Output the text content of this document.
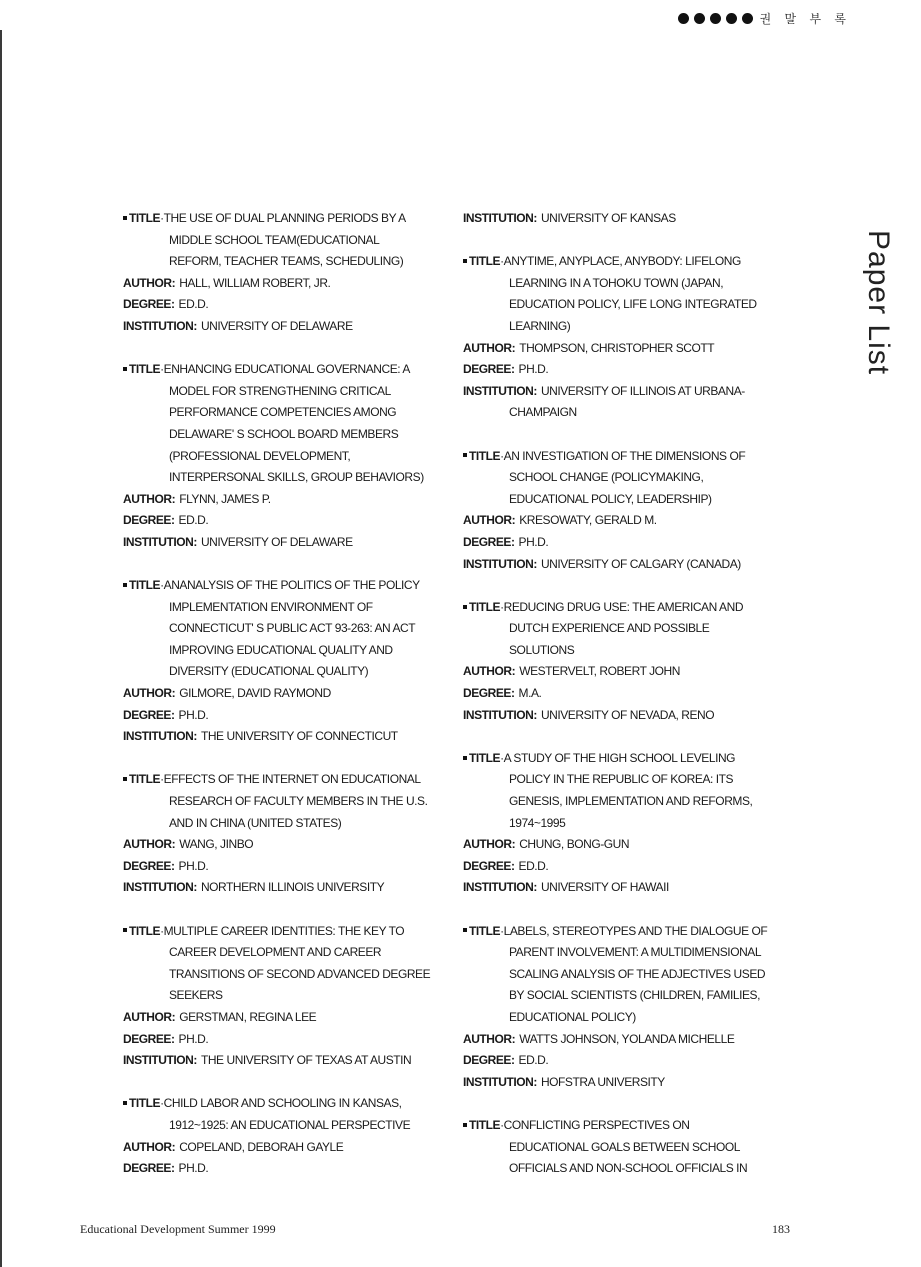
권 말 부 록
Paper List
TITLE·THE USE OF DUAL PLANNING PERIODS BY A
MIDDLE SCHOOL TEAM(EDUCATIONAL
REFORM, TEACHER TEAMS, SCHEDULING)
AUTHOR: HALL, WILLIAM ROBERT, JR.
DEGREE: ED.D.
INSTITUTION: UNIVERSITY OF DELAWARE
TITLE·ENHANCING EDUCATIONAL GOVERNANCE: A
MODEL FOR STRENGTHENING CRITICAL
PERFORMANCE COMPETENCIES AMONG
DELAWARE' S SCHOOL BOARD MEMBERS
(PROFESSIONAL DEVELOPMENT,
INTERPERSONAL SKILLS, GROUP BEHAVIORS)
AUTHOR: FLYNN, JAMES P.
DEGREE: ED.D.
INSTITUTION: UNIVERSITY OF DELAWARE
TITLE·ANANALYSIS OF THE POLITICS OF THE POLICY
IMPLEMENTATION ENVIRONMENT OF
CONNECTICUT' S PUBLIC ACT 93-263: AN ACT
IMPROVING EDUCATIONAL QUALITY AND
DIVERSITY (EDUCATIONAL QUALITY)
AUTHOR: GILMORE, DAVID RAYMOND
DEGREE: PH.D.
INSTITUTION: THE UNIVERSITY OF CONNECTICUT
TITLE·EFFECTS OF THE INTERNET ON EDUCATIONAL
RESEARCH OF FACULTY MEMBERS IN THE U.S.
AND IN CHINA (UNITED STATES)
AUTHOR: WANG, JINBO
DEGREE: PH.D.
INSTITUTION: NORTHERN ILLINOIS UNIVERSITY
TITLE·MULTIPLE CAREER IDENTITIES: THE KEY TO
CAREER DEVELOPMENT AND CAREER
TRANSITIONS OF SECOND ADVANCED DEGREE
SEEKERS
AUTHOR: GERSTMAN, REGINA LEE
DEGREE: PH.D.
INSTITUTION: THE UNIVERSITY OF TEXAS AT AUSTIN
TITLE·CHILD LABOR AND SCHOOLING IN KANSAS,
1912~1925: AN EDUCATIONAL PERSPECTIVE
AUTHOR: COPELAND, DEBORAH GAYLE
DEGREE: PH.D.
INSTITUTION: UNIVERSITY OF KANSAS
TITLE·ANYTIME, ANYPLACE, ANYBODY: LIFELONG
LEARNING IN A TOHOKU TOWN (JAPAN,
EDUCATION POLICY, LIFE LONG INTEGRATED
LEARNING)
AUTHOR: THOMPSON, CHRISTOPHER SCOTT
DEGREE: PH.D.
INSTITUTION: UNIVERSITY OF ILLINOIS AT URBANA-
CHAMPAIGN
TITLE·AN INVESTIGATION OF THE DIMENSIONS OF
SCHOOL CHANGE (POLICYMAKING,
EDUCATIONAL POLICY, LEADERSHIP)
AUTHOR: KRESOWATY, GERALD M.
DEGREE: PH.D.
INSTITUTION: UNIVERSITY OF CALGARY (CANADA)
TITLE·REDUCING DRUG USE: THE AMERICAN AND
DUTCH EXPERIENCE AND POSSIBLE
SOLUTIONS
AUTHOR: WESTERVELT, ROBERT JOHN
DEGREE: M.A.
INSTITUTION: UNIVERSITY OF NEVADA, RENO
TITLE·A STUDY OF THE HIGH SCHOOL LEVELING
POLICY IN THE REPUBLIC OF KOREA: ITS
GENESIS, IMPLEMENTATION AND REFORMS,
1974~1995
AUTHOR: CHUNG, BONG-GUN
DEGREE: ED.D.
INSTITUTION: UNIVERSITY OF HAWAII
TITLE·LABELS, STEREOTYPES AND THE DIALOGUE OF
PARENT INVOLVEMENT: A MULTIDIMENSIONAL
SCALING ANALYSIS OF THE ADJECTIVES USED
BY SOCIAL SCIENTISTS (CHILDREN, FAMILIES,
EDUCATIONAL POLICY)
AUTHOR: WATTS JOHNSON, YOLANDA MICHELLE
DEGREE: ED.D.
INSTITUTION: HOFSTRA UNIVERSITY
TITLE·CONFLICTING PERSPECTIVES ON
EDUCATIONAL GOALS BETWEEN SCHOOL
OFFICIALS AND NON-SCHOOL OFFICIALS IN
Educational Development Summer 1999	183
